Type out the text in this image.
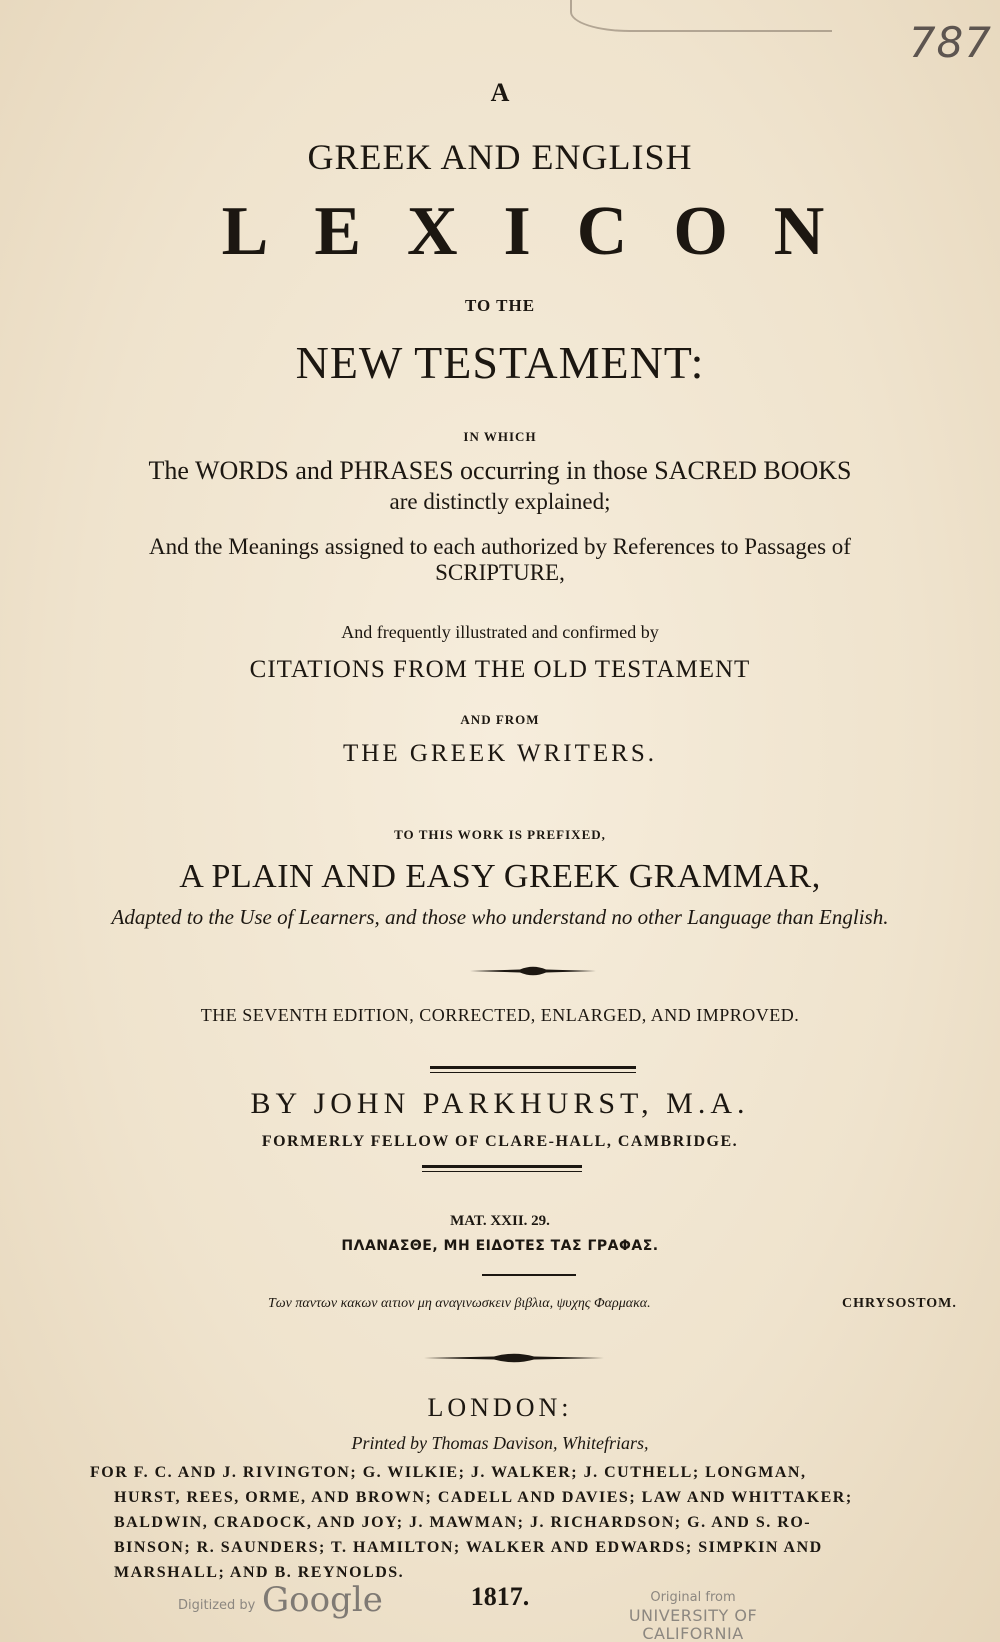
787

A

GREEK AND ENGLISH

LEXICON

TO THE

NEW TESTAMENT:

IN WHICH

The WORDS and PHRASES occurring in those SACRED BOOKS

are distinctly explained;

And the Meanings assigned to each authorized by References to Passages of

SCRIPTURE,

And frequently illustrated and confirmed by

CITATIONS FROM THE OLD TESTAMENT

AND FROM

THE GREEK WRITERS.

TO THIS WORK IS PREFIXED,

A PLAIN AND EASY GREEK GRAMMAR,

Adapted to the Use of Learners, and those who understand no other Language than English.

THE SEVENTH EDITION, CORRECTED, ENLARGED, AND IMPROVED.

BY JOHN PARKHURST, M.A.

FORMERLY FELLOW OF CLARE-HALL, CAMBRIDGE.

MAT. XXII. 29.

ΠΛΑΝΑΣΘΕ, ΜΗ ΕΙΔΟΤΕΣ ΤΑΣ ΓΡΑΦΑΣ.

Των παντων κακων αιτιον μη αναγινωσκειν βιβλια, ψυχης Φαρμακα.	CHRYSOSTOM.

LONDON:

Printed by Thomas Davison, Whitefriars,

FOR F. C. AND J. RIVINGTON; G. WILKIE; J. WALKER; J. CUTHELL; LONGMAN,
HURST, REES, ORME, AND BROWN; CADELL AND DAVIES; LAW AND WHITTAKER;
BALDWIN, CRADOCK, AND JOY; J. MAWMAN; J. RICHARDSON; G. AND S. RO-
BINSON; R. SAUNDERS; T. HAMILTON; WALKER AND EDWARDS; SIMPKIN AND
MARSHALL; AND B. REYNOLDS.

1817.

Digitized by Google	Original from
UNIVERSITY OF CALIFORNIA
